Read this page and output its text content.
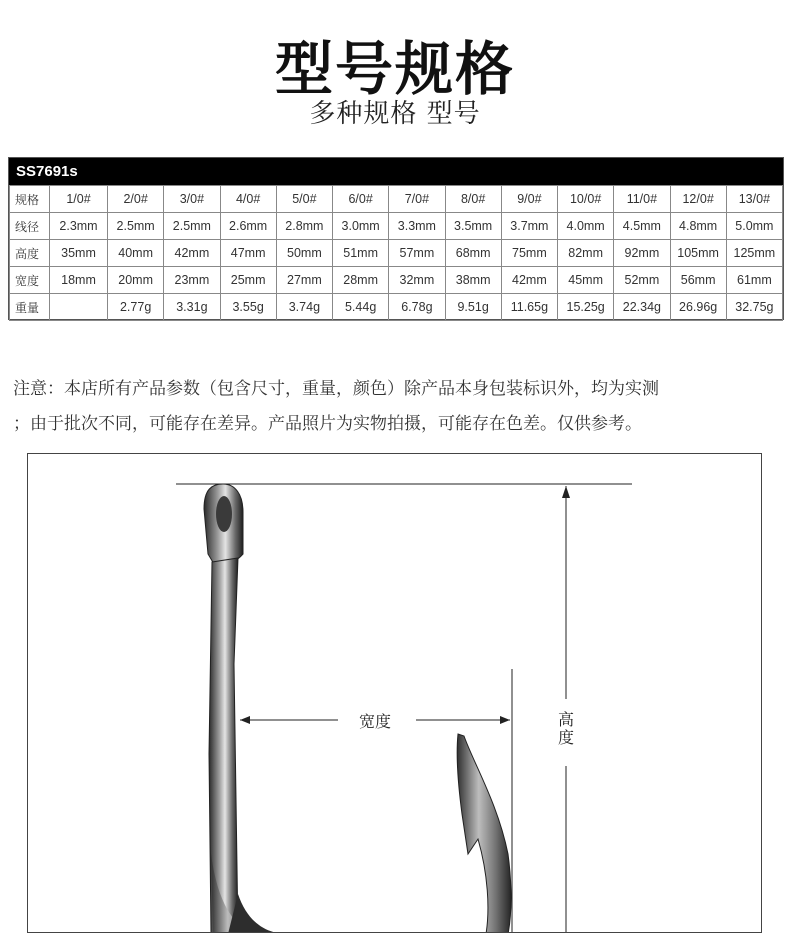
型号规格
多种规格 型号
SS7691s
规格	1/0#	2/0#	3/0#	4/0#	5/0#	6/0#	7/0#	8/0#	9/0#	10/0#	11/0#	12/0#	13/0#
线径	2.3mm	2.5mm	2.5mm	2.6mm	2.8mm	3.0mm	3.3mm	3.5mm	3.7mm	4.0mm	4.5mm	4.8mm	5.0mm
高度	35mm	40mm	42mm	47mm	50mm	51mm	57mm	68mm	75mm	82mm	92mm	105mm	125mm
宽度	18mm	20mm	23mm	25mm	27mm	28mm	32mm	38mm	42mm	45mm	52mm	56mm	61mm
重量		2.77g	3.31g	3.55g	3.74g	5.44g	6.78g	9.51g	11.65g	15.25g	22.34g	26.96g	32.75g
注意：本店所有产品参数（包含尺寸，重量，颜色）除产品本身包装标识外，均为实测
；由于批次不同，可能存在差异。产品照片为实物拍摄，可能存在色差。仅供参考。
宽度	高
度
